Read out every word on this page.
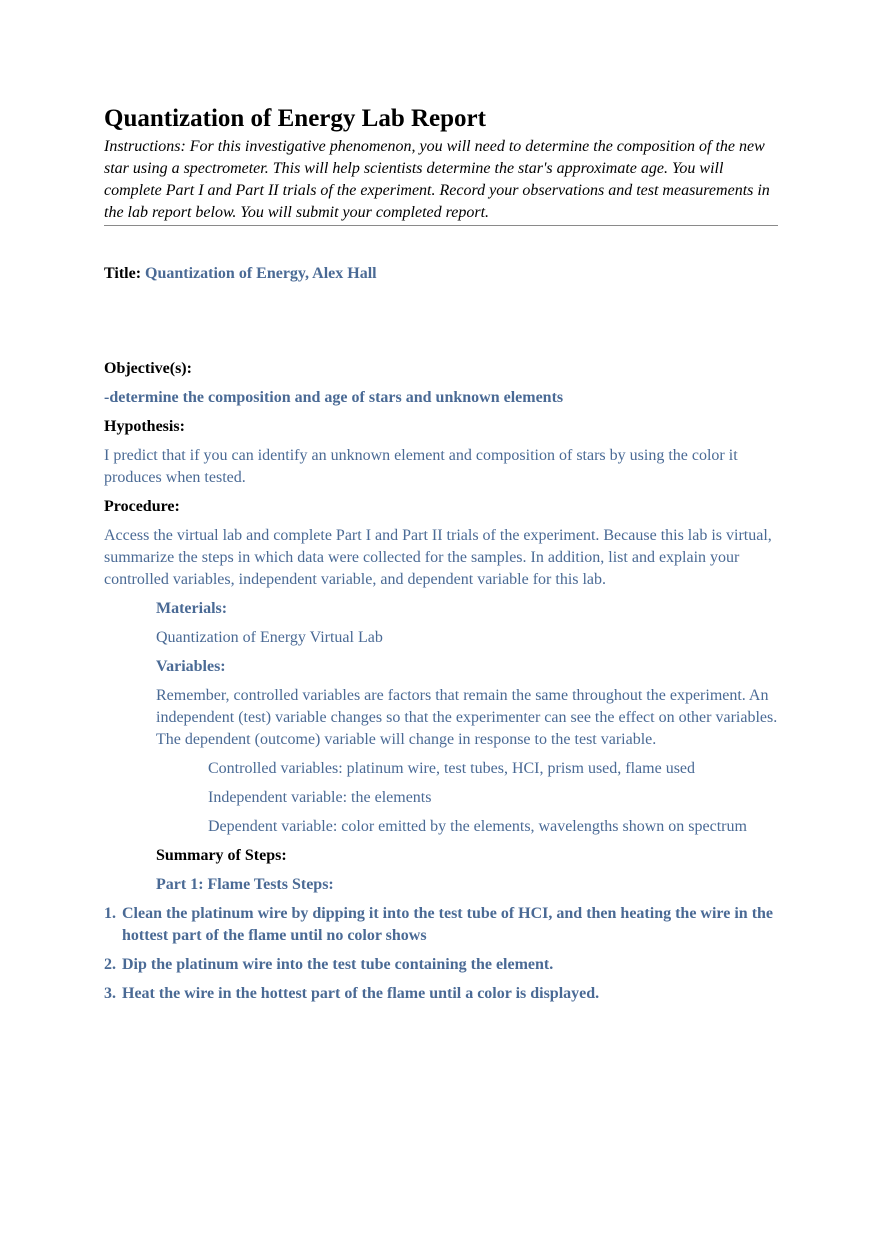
Quantization of Energy Lab Report

Instructions: For this investigative phenomenon, you will need to determine the composition of the new star using a spectrometer. This will help scientists determine the star's approximate age. You will complete Part I and Part II trials of the experiment. Record your observations and test measurements in the lab report below. You will submit your completed report.

Title: Quantization of Energy, Alex Hall
Objective(s):
-determine the composition and age of stars and unknown elements
Hypothesis:
I predict that if you can identify an unknown element and composition of stars by using the color it produces when tested.
Procedure:
Access the virtual lab and complete Part I and Part II trials of the experiment. Because this lab is virtual, summarize the steps in which data were collected for the samples. In addition, list and explain your controlled variables, independent variable, and dependent variable for this lab.
Materials:
Quantization of Energy Virtual Lab
Variables:
Remember, controlled variables are factors that remain the same throughout the experiment. An independent (test) variable changes so that the experimenter can see the effect on other variables. The dependent (outcome) variable will change in response to the test variable.
Controlled variables: platinum wire, test tubes, HCI, prism used, flame used
Independent variable: the elements
Dependent variable: color emitted by the elements, wavelengths shown on spectrum
Summary of Steps:
Part 1: Flame Tests Steps:
1. Clean the platinum wire by dipping it into the test tube of HCI, and then heating the wire in the hottest part of the flame until no color shows
2. Dip the platinum wire into the test tube containing the element.
3. Heat the wire in the hottest part of the flame until a color is displayed.
